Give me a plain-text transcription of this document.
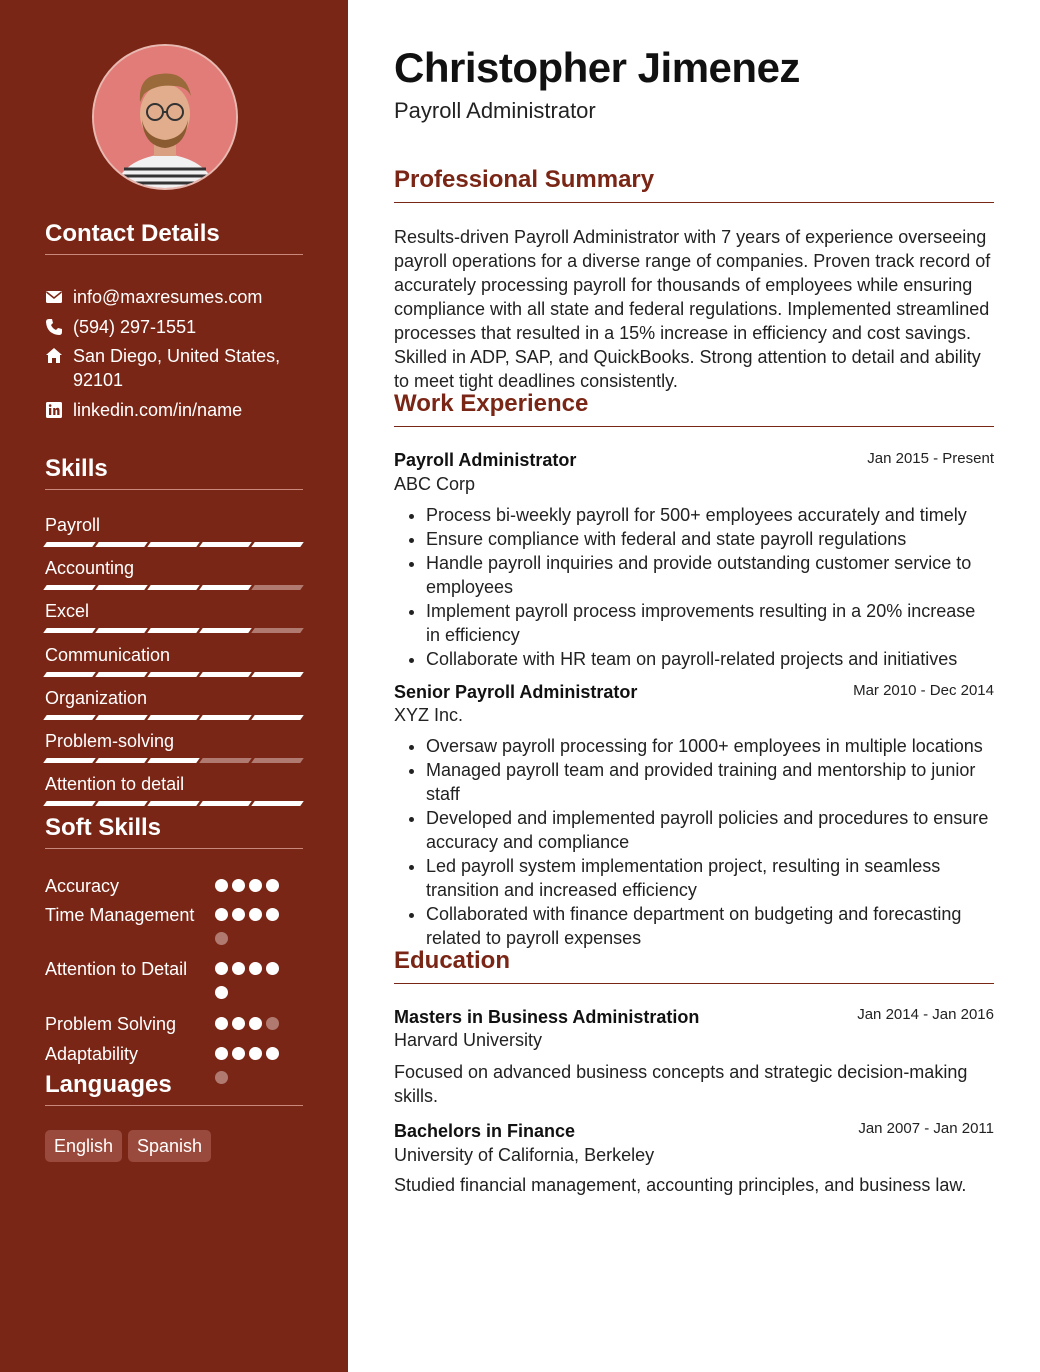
Contact Details
info@maxresumes.com
(594) 297-1551
San Diego, United States,
92101
linkedin.com/in/name
Skills
Payroll
Accounting
Excel
Communication
Organization
Problem-solving
Attention to detail
Soft Skills
Accuracy
Time Management
Attention to Detail
Problem Solving
Adaptability
Languages
English	Spanish
Christopher Jimenez
Payroll Administrator
Professional Summary

Results-driven Payroll Administrator with 7 years of experience overseeing payroll operations for a diverse range of companies. Proven track record of accurately processing payroll for thousands of employees while ensuring compliance with all state and federal regulations. Implemented streamlined processes that resulted in a 15% increase in efficiency and cost savings. Skilled in ADP, SAP, and QuickBooks. Strong attention to detail and ability to meet tight deadlines consistently.

Work Experience
Payroll Administrator	Jan 2015 - Present
ABC Corp
• Process bi-weekly payroll for 500+ employees accurately and timely
• Ensure compliance with federal and state payroll regulations
• Handle payroll inquiries and provide outstanding customer service to employees
• Implement payroll process improvements resulting in a 20% increase in efficiency
• Collaborate with HR team on payroll-related projects and initiatives
Senior Payroll Administrator	Mar 2010 - Dec 2014
XYZ Inc.
• Oversaw payroll processing for 1000+ employees in multiple locations
• Managed payroll team and provided training and mentorship to junior staff
• Developed and implemented payroll policies and procedures to ensure accuracy and compliance
• Led payroll system implementation project, resulting in seamless transition and increased efficiency
• Collaborated with finance department on budgeting and forecasting related to payroll expenses
Education
Masters in Business Administration	Jan 2014 - Jan 2016
Harvard University

Focused on advanced business concepts and strategic decision-making skills.

Bachelors in Finance	Jan 2007 - Jan 2011
University of California, Berkeley

Studied financial management, accounting principles, and business law.
